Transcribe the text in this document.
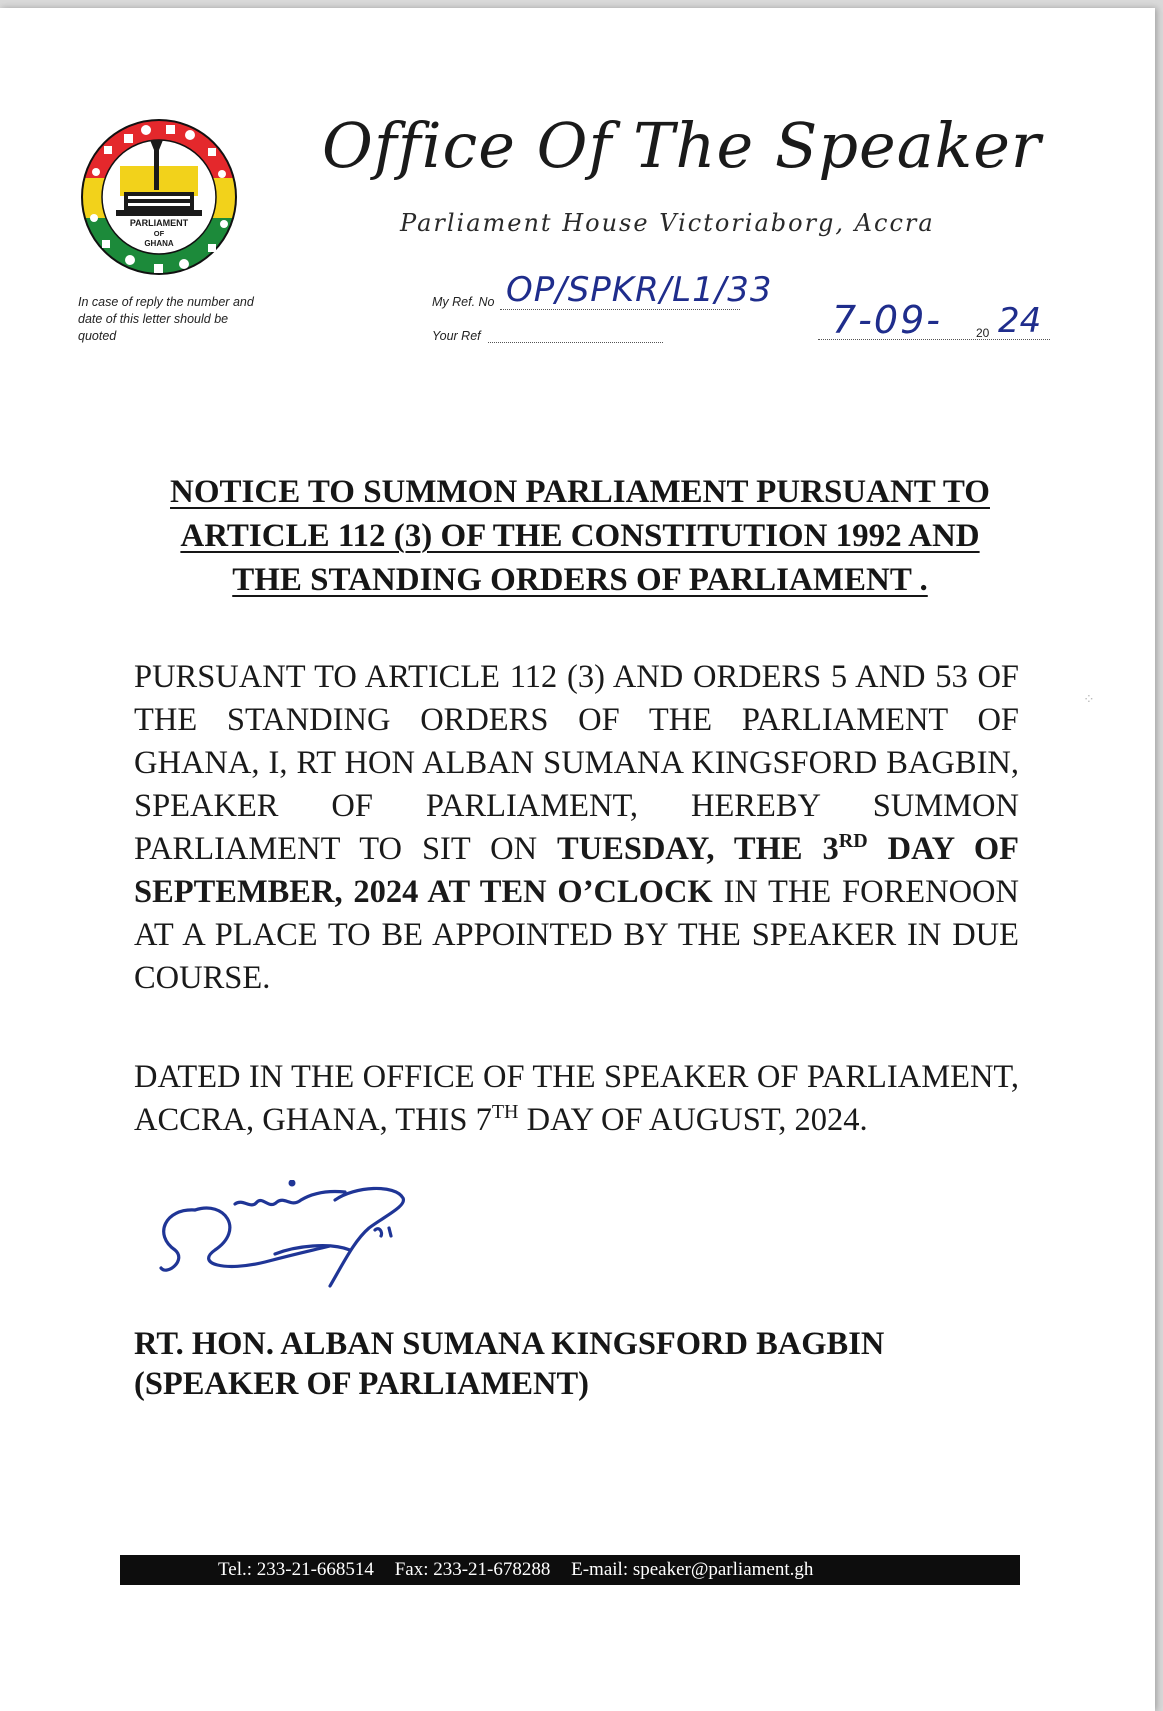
PARLIAMENT
OF
GHANA
In case of reply the number and date of this letter should be quoted
Office Of The Speaker
Parliament House Victoriaborg, Accra
My Ref. No OP/SPKR/L1/33
Your Ref	7-09-	20 24
NOTICE TO SUMMON PARLIAMENT PURSUANT TO
ARTICLE 112 (3) OF THE CONSTITUTION 1992 AND
THE STANDING ORDERS OF PARLIAMENT .
PURSUANT TO ARTICLE 112 (3) AND ORDERS 5 AND 53 OF THE STANDING ORDERS OF THE PARLIAMENT OF GHANA, I, RT HON ALBAN SUMANA KINGSFORD BAGBIN, SPEAKER OF PARLIAMENT, HEREBY SUMMON PARLIAMENT TO SIT ON TUESDAY, THE 3RD DAY OF SEPTEMBER, 2024 AT TEN O’CLOCK IN THE FORENOON AT A PLACE TO BE APPOINTED BY THE SPEAKER IN DUE COURSE.
DATED IN THE OFFICE OF THE SPEAKER OF PARLIAMENT, ACCRA, GHANA, THIS 7TH DAY OF AUGUST, 2024.
RT. HON. ALBAN SUMANA KINGSFORD BAGBIN
(SPEAKER OF PARLIAMENT)
Tel.: 233-21-668514 Fax: 233-21-678288 E-mail: speaker@parliament.gh
⁘
